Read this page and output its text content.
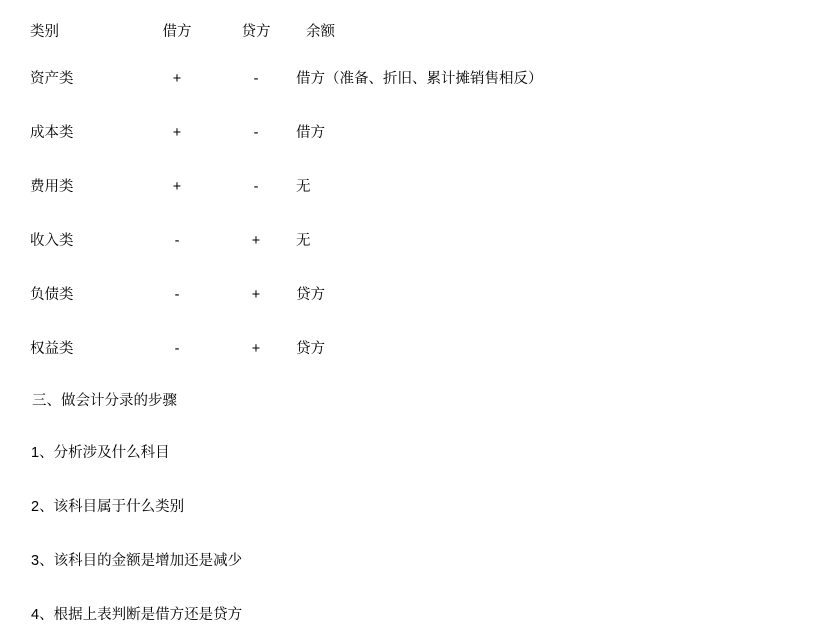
类别	借方	贷方	余额
资产类	+	-	借方（准备、折旧、累计摊销售相反）
成本类	+	-	借方
费用类	+	-	无
收入类	-	+	无
负债类	-	+	贷方
权益类	-	+	贷方

三、做会计分录的步骤

1、分析涉及什么科目

2、该科目属于什么类别

3、该科目的金额是增加还是减少

4、根据上表判断是借方还是贷方
